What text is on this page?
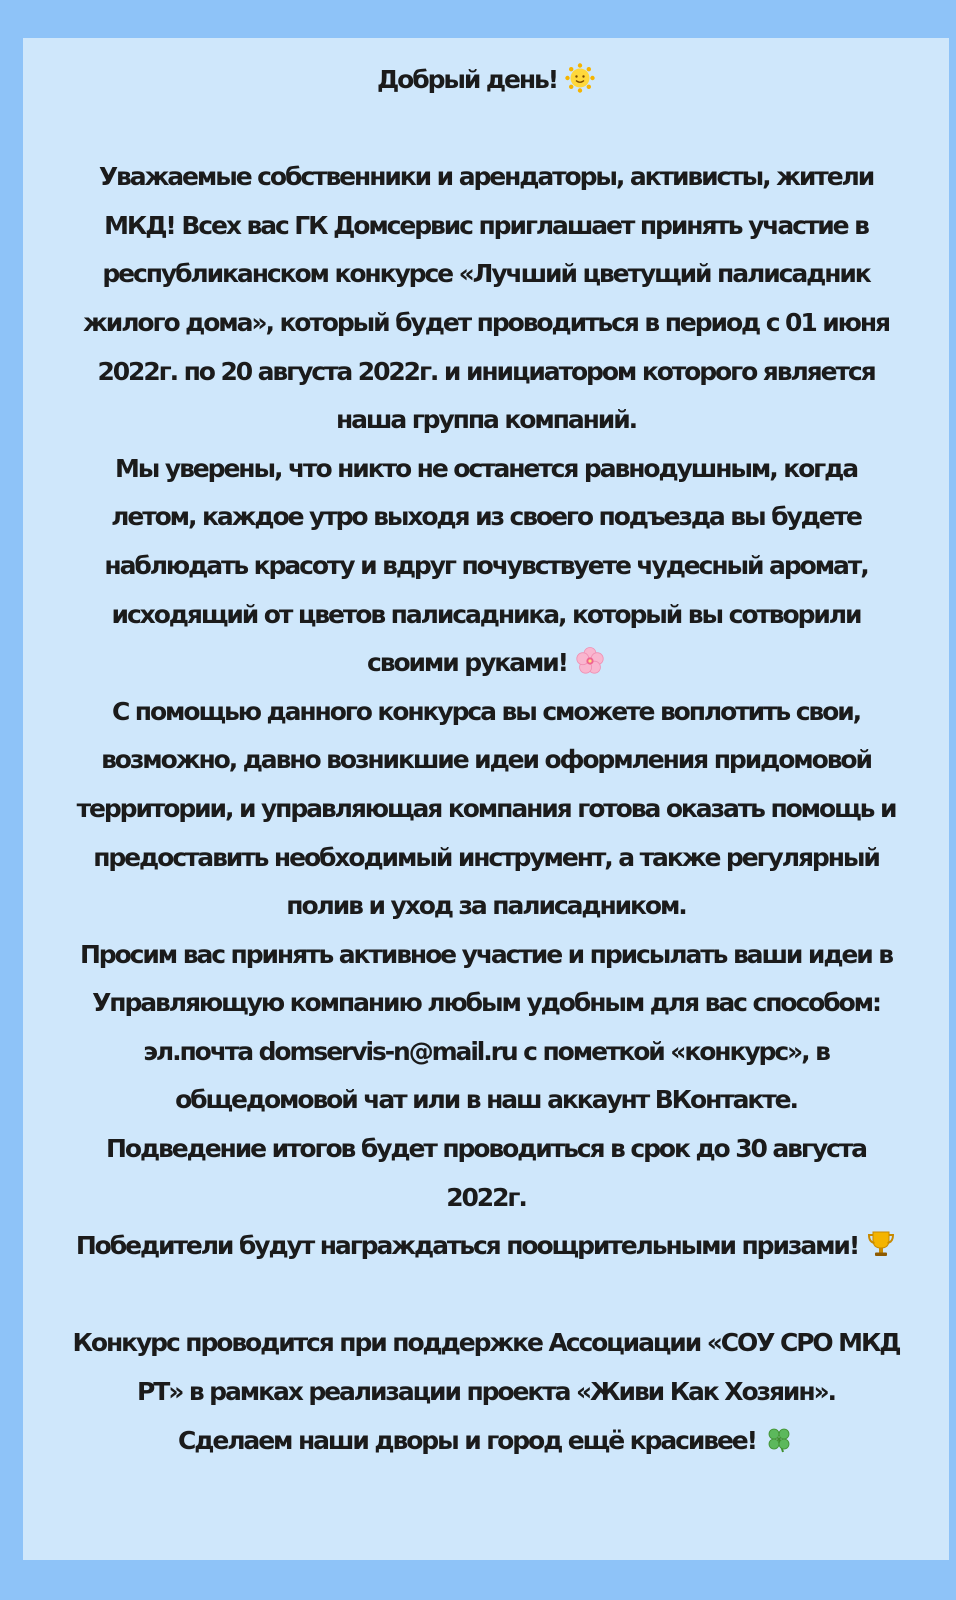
Добрый день!
Уважаемые собственники и арендаторы, активисты, жители
МКД! Всех вас ГК Домсервис приглашает принять участие в
республиканском конкурсе «Лучший цветущий палисадник
жилого дома», который будет проводиться в период с 01 июня
2022г. по 20 августа 2022г. и инициатором которого является
наша группа компаний.
Мы уверены, что никто не останется равнодушным, когда
летом, каждое утро выходя из своего подъезда вы будете
наблюдать красоту и вдруг почувствуете чудесный аромат,
исходящий от цветов палисадника, который вы сотворили
своими руками!
С помощью данного конкурса вы сможете воплотить свои,
возможно, давно возникшие идеи оформления придомовой
территории, и управляющая компания готова оказать помощь и
предоставить необходимый инструмент, а также регулярный
полив и уход за палисадником.
Просим вас принять активное участие и присылать ваши идеи в
Управляющую компанию любым удобным для вас способом:
эл.почта domservis-n@mail.ru с пометкой «конкурс», в
общедомовой чат или в наш аккаунт ВКонтакте.
Подведение итогов будет проводиться в срок до 30 августа
2022г.
Победители будут награждаться поощрительными призами!
Конкурс проводится при поддержке Ассоциации «СОУ СРО МКД
РТ» в рамках реализации проекта «Живи Как Хозяин».
Сделаем наши дворы и город ещё красивее!
